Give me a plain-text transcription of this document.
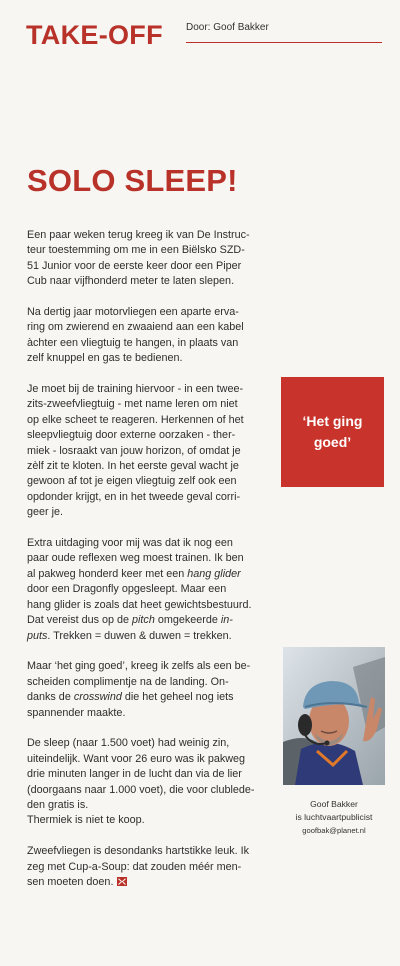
TAKE-OFF Door: Goof Bakker
SOLO SLEEP!

Een paar weken terug kreeg ik van De Instruc-
teur toestemming om me in een Biëlsko SZD-
51 Junior voor de eerste keer door een Piper
Cub naar vijfhonderd meter te laten slepen.

Na dertig jaar motorvliegen een aparte erva-
ring om zwierend en zwaaiend aan een kabel
àchter een vliegtuig te hangen, in plaats van
zelf knuppel en gas te bedienen.

Je moet bij de training hiervoor - in een twee-
zits-zweefvliegtuig - met name leren om niet
op elke scheet te reageren. Herkennen of het
sleepvliegtuig door externe oorzaken - ther-
miek - losraakt van jouw horizon, of omdat je
zèlf zit te kloten. In het eerste geval wacht je
gewoon af tot je eigen vliegtuig zelf ook een
opdonder krijgt, en in het tweede geval corri-
geer je.

Extra uitdaging voor mij was dat ik nog een
paar oude reflexen weg moest trainen. Ik ben
al pakweg honderd keer met een hang glider
door een Dragonfly opgesleept. Maar een
hang glider is zoals dat heet gewichtsbestuurd.
Dat vereist dus op de pitch omgekeerde in-
puts. Trekken = duwen & duwen = trekken.

Maar ‘het ging goed’, kreeg ik zelfs als een be-
scheiden complimentje na de landing. On-
danks de crosswind die het geheel nog iets
spannender maakte.

De sleep (naar 1.500 voet) had weinig zin,
uiteindelijk. Want voor 26 euro was ik pakweg
drie minuten langer in de lucht dan via de lier
(doorgaans naar 1.000 voet), die voor clublede-
den gratis is.
Thermiek is niet te koop.

Zweefvliegen is desondanks hartstikke leuk. Ik
zeg met Cup-a-Soup: dat zouden méér men-
sen moeten doen.

‘Het ging goed’
Goof Bakker
is luchtvaartpublicist
goofbak@planet.nl
